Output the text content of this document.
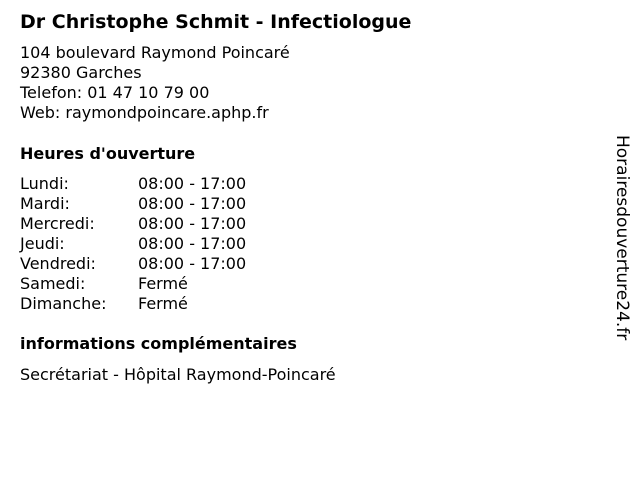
Dr Christophe Schmit - Infectiologue
104 boulevard Raymond Poincaré
92380 Garches
Telefon: 01 47 10 79 00
Web: raymondpoincare.aphp.fr
Heures d'ouverture
Lundi:	08:00 - 17:00
Mardi:	08:00 - 17:00
Mercredi:	08:00 - 17:00
Jeudi:	08:00 - 17:00
Vendredi:	08:00 - 17:00
Samedi:	Fermé
Dimanche: Fermé
informations complémentaires
Secrétariat - Hôpital Raymond-Poincaré
Horairesdouverture24.fr
